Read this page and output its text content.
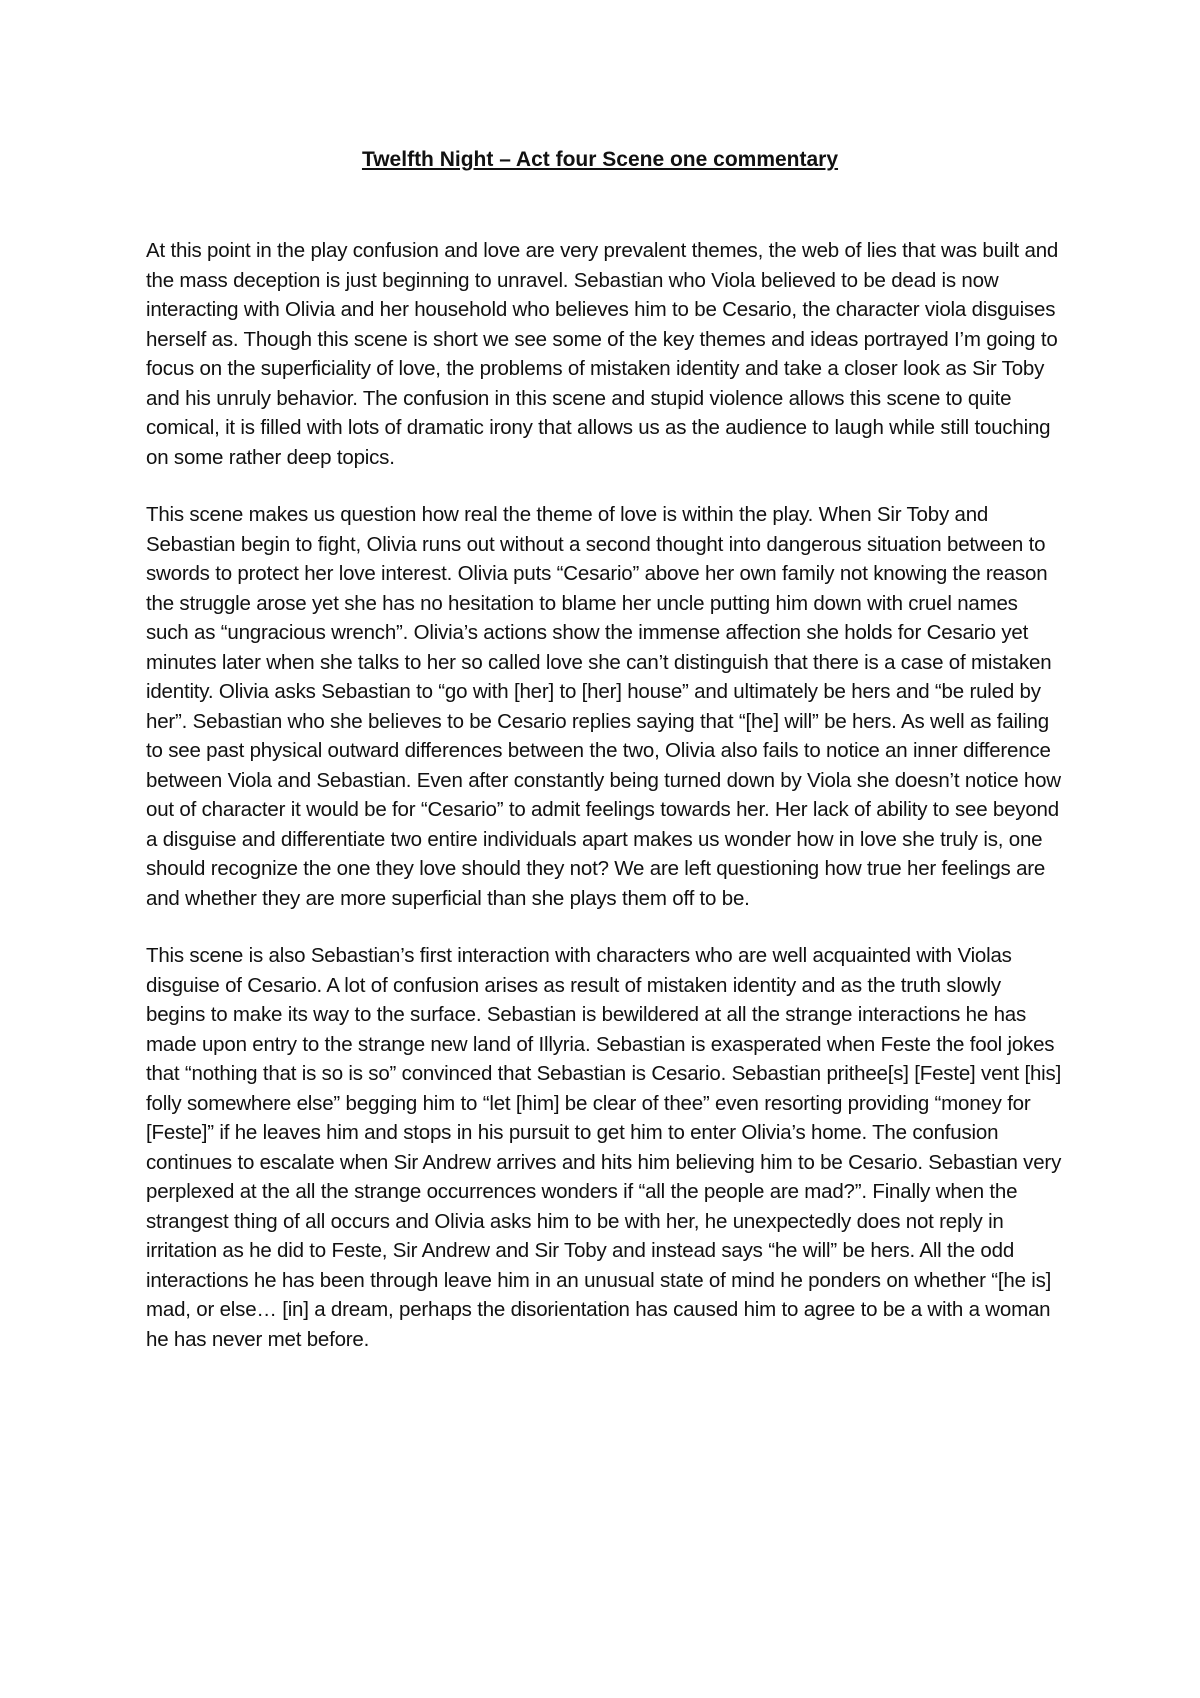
Twelfth Night – Act four Scene one commentary

At this point in the play confusion and love are very prevalent themes, the web of lies that was built and the mass deception is just beginning to unravel. Sebastian who Viola believed to be dead is now interacting with Olivia and her household who believes him to be Cesario, the character viola disguises herself as. Though this scene is short we see some of the key themes and ideas portrayed I’m going to focus on the superficiality of love, the problems of mistaken identity and take a closer look as Sir Toby and his unruly behavior. The confusion in this scene and stupid violence allows this scene to quite comical, it is filled with lots of dramatic irony that allows us as the audience to laugh while still touching on some rather deep topics.

This scene makes us question how real the theme of love is within the play. When Sir Toby and Sebastian begin to fight, Olivia runs out without a second thought into dangerous situation between to swords to protect her love interest. Olivia puts “Cesario” above her own family not knowing the reason the struggle arose yet she has no hesitation to blame her uncle putting him down with cruel names such as “ungracious wrench”. Olivia’s actions show the immense affection she holds for Cesario yet minutes later when she talks to her so called love she can’t distinguish that there is a case of mistaken identity. Olivia asks Sebastian to “go with [her] to [her] house” and ultimately be hers and “be ruled by her”. Sebastian who she believes to be Cesario replies saying that “[he] will” be hers. As well as failing to see past physical outward differences between the two, Olivia also fails to notice an inner difference between Viola and Sebastian. Even after constantly being turned down by Viola she doesn’t notice how out of character it would be for “Cesario” to admit feelings towards her. Her lack of ability to see beyond a disguise and differentiate two entire individuals apart makes us wonder how in love she truly is, one should recognize the one they love should they not? We are left questioning how true her feelings are and whether they are more superficial than she plays them off to be.

This scene is also Sebastian’s first interaction with characters who are well acquainted with Violas disguise of Cesario. A lot of confusion arises as result of mistaken identity and as the truth slowly begins to make its way to the surface. Sebastian is bewildered at all the strange interactions he has made upon entry to the strange new land of Illyria. Sebastian is exasperated when Feste the fool jokes that “nothing that is so is so” convinced that Sebastian is Cesario. Sebastian prithee[s] [Feste] vent [his] folly somewhere else” begging him to “let [him] be clear of thee” even resorting providing “money for [Feste]” if he leaves him and stops in his pursuit to get him to enter Olivia’s home. The confusion continues to escalate when Sir Andrew arrives and hits him believing him to be Cesario. Sebastian very perplexed at the all the strange occurrences wonders if “all the people are mad?”. Finally when the strangest thing of all occurs and Olivia asks him to be with her, he unexpectedly does not reply in irritation as he did to Feste, Sir Andrew and Sir Toby and instead says “he will” be hers. All the odd interactions he has been through leave him in an unusual state of mind he ponders on whether “[he is] mad, or else… [in] a dream, perhaps the disorientation has caused him to agree to be a with a woman he has never met before.
